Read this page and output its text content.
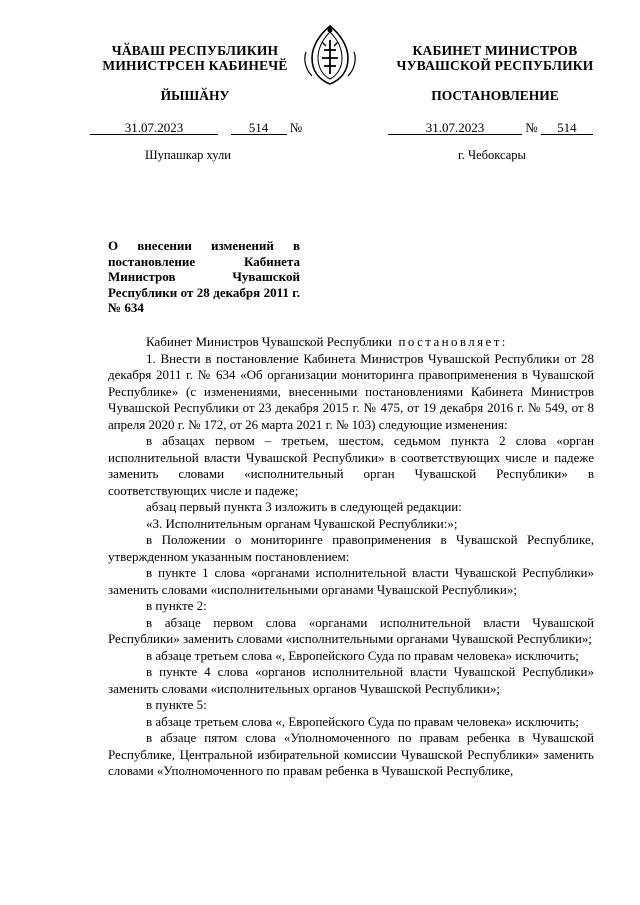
ЧӐВАШ РЕСПУБЛИКИН
МИНИСТРСЕН КАБИНЕЧӖ
ЙЫШӐНУ
КАБИНЕТ МИНИСТРОВ
ЧУВАШСКОЙ РЕСПУБЛИКИ
ПОСТАНОВЛЕНИЕ
31.07.2023	514 №	31.07.2023	№ 514
Шупашкар хули	г. Чебоксары
О внесении изменений в постановление Кабинета Министров Чувашской Республики от 28 декабря 2011 г. № 634

Кабинет Министров Чувашской Республики постановляет:

1. Внести в постановление Кабинета Министров Чувашской Республики от 28 декабря 2011 г. № 634 «Об организации мониторинга правоприменения в Чувашской Республике» (с изменениями, внесенными постановлениями Кабинета Министров Чувашской Республики от 23 декабря 2015 г. № 475, от 19 декабря 2016 г. № 549, от 8 апреля 2020 г. № 172, от 26 марта 2021 г. № 103) следующие изменения:

в абзацах первом – третьем, шестом, седьмом пункта 2 слова «орган исполнительной власти Чувашской Республики» в соответствующих числе и падеже заменить словами «исполнительный орган Чувашской Республики» в соответствующих числе и падеже;

абзац первый пункта 3 изложить в следующей редакции:

«3. Исполнительным органам Чувашской Республики:»;

в Положении о мониторинге правоприменения в Чувашской Республике, утвержденном указанным постановлением:

в пункте 1 слова «органами исполнительной власти Чувашской Республики» заменить словами «исполнительными органами Чувашской Республики»;

в пункте 2:

в абзаце первом слова «органами исполнительной власти Чувашской Республики» заменить словами «исполнительными органами Чувашской Республики»;

в абзаце третьем слова «, Европейского Суда по правам человека» исключить;

в пункте 4 слова «органов исполнительной власти Чувашской Республики» заменить словами «исполнительных органов Чувашской Республики»;

в пункте 5:

в абзаце третьем слова «, Европейского Суда по правам человека» исключить;

в абзаце пятом слова «Уполномоченного по правам ребенка в Чувашской Республике, Центральной избирательной комиссии Чувашской Республики» заменить словами «Уполномоченного по правам ребенка в Чувашской Республике,
